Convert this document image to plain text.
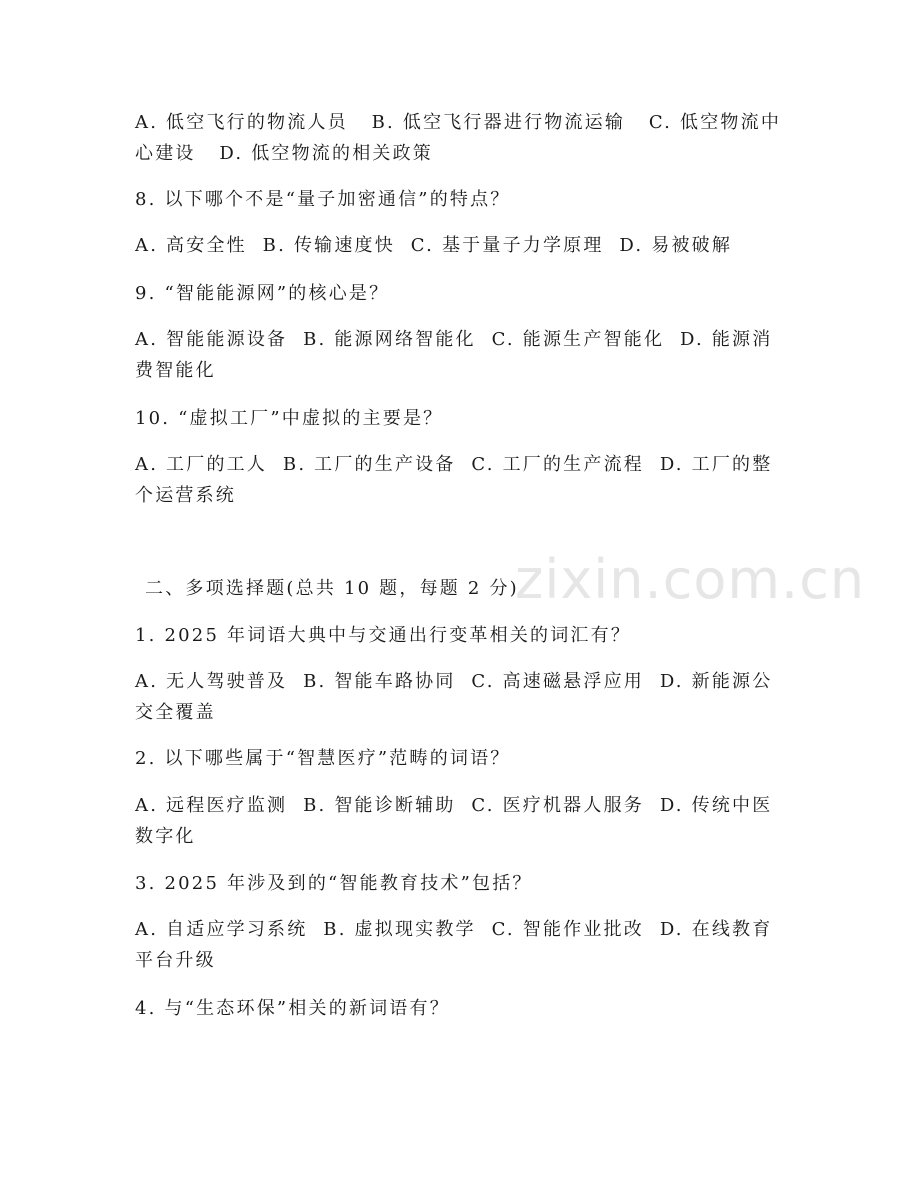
zixin.com.cn
A. 低空飞行的物流人员   B. 低空飞行器进行物流运输   C. 低空物流中心建设   D. 低空物流的相关政策
8. 以下哪个不是“量子加密通信”的特点？
A. 高安全性  B. 传输速度快  C. 基于量子力学原理  D. 易被破解
9. “智能能源网”的核心是？
A. 智能能源设备  B. 能源网络智能化  C. 能源生产智能化  D. 能源消费智能化
10. “虚拟工厂”中虚拟的主要是？
A. 工厂的工人  B. 工厂的生产设备  C. 工厂的生产流程  D. 工厂的整个运营系统
二、多项选择题(总共 10 题，每题 2 分)
1. 2025 年词语大典中与交通出行变革相关的词汇有？
A. 无人驾驶普及  B. 智能车路协同  C. 高速磁悬浮应用  D. 新能源公交全覆盖
2. 以下哪些属于“智慧医疗”范畴的词语？
A. 远程医疗监测  B. 智能诊断辅助  C. 医疗机器人服务  D. 传统中医数字化
3. 2025 年涉及到的“智能教育技术”包括？
A. 自适应学习系统  B. 虚拟现实教学  C. 智能作业批改  D. 在线教育平台升级
4. 与“生态环保”相关的新词语有？
